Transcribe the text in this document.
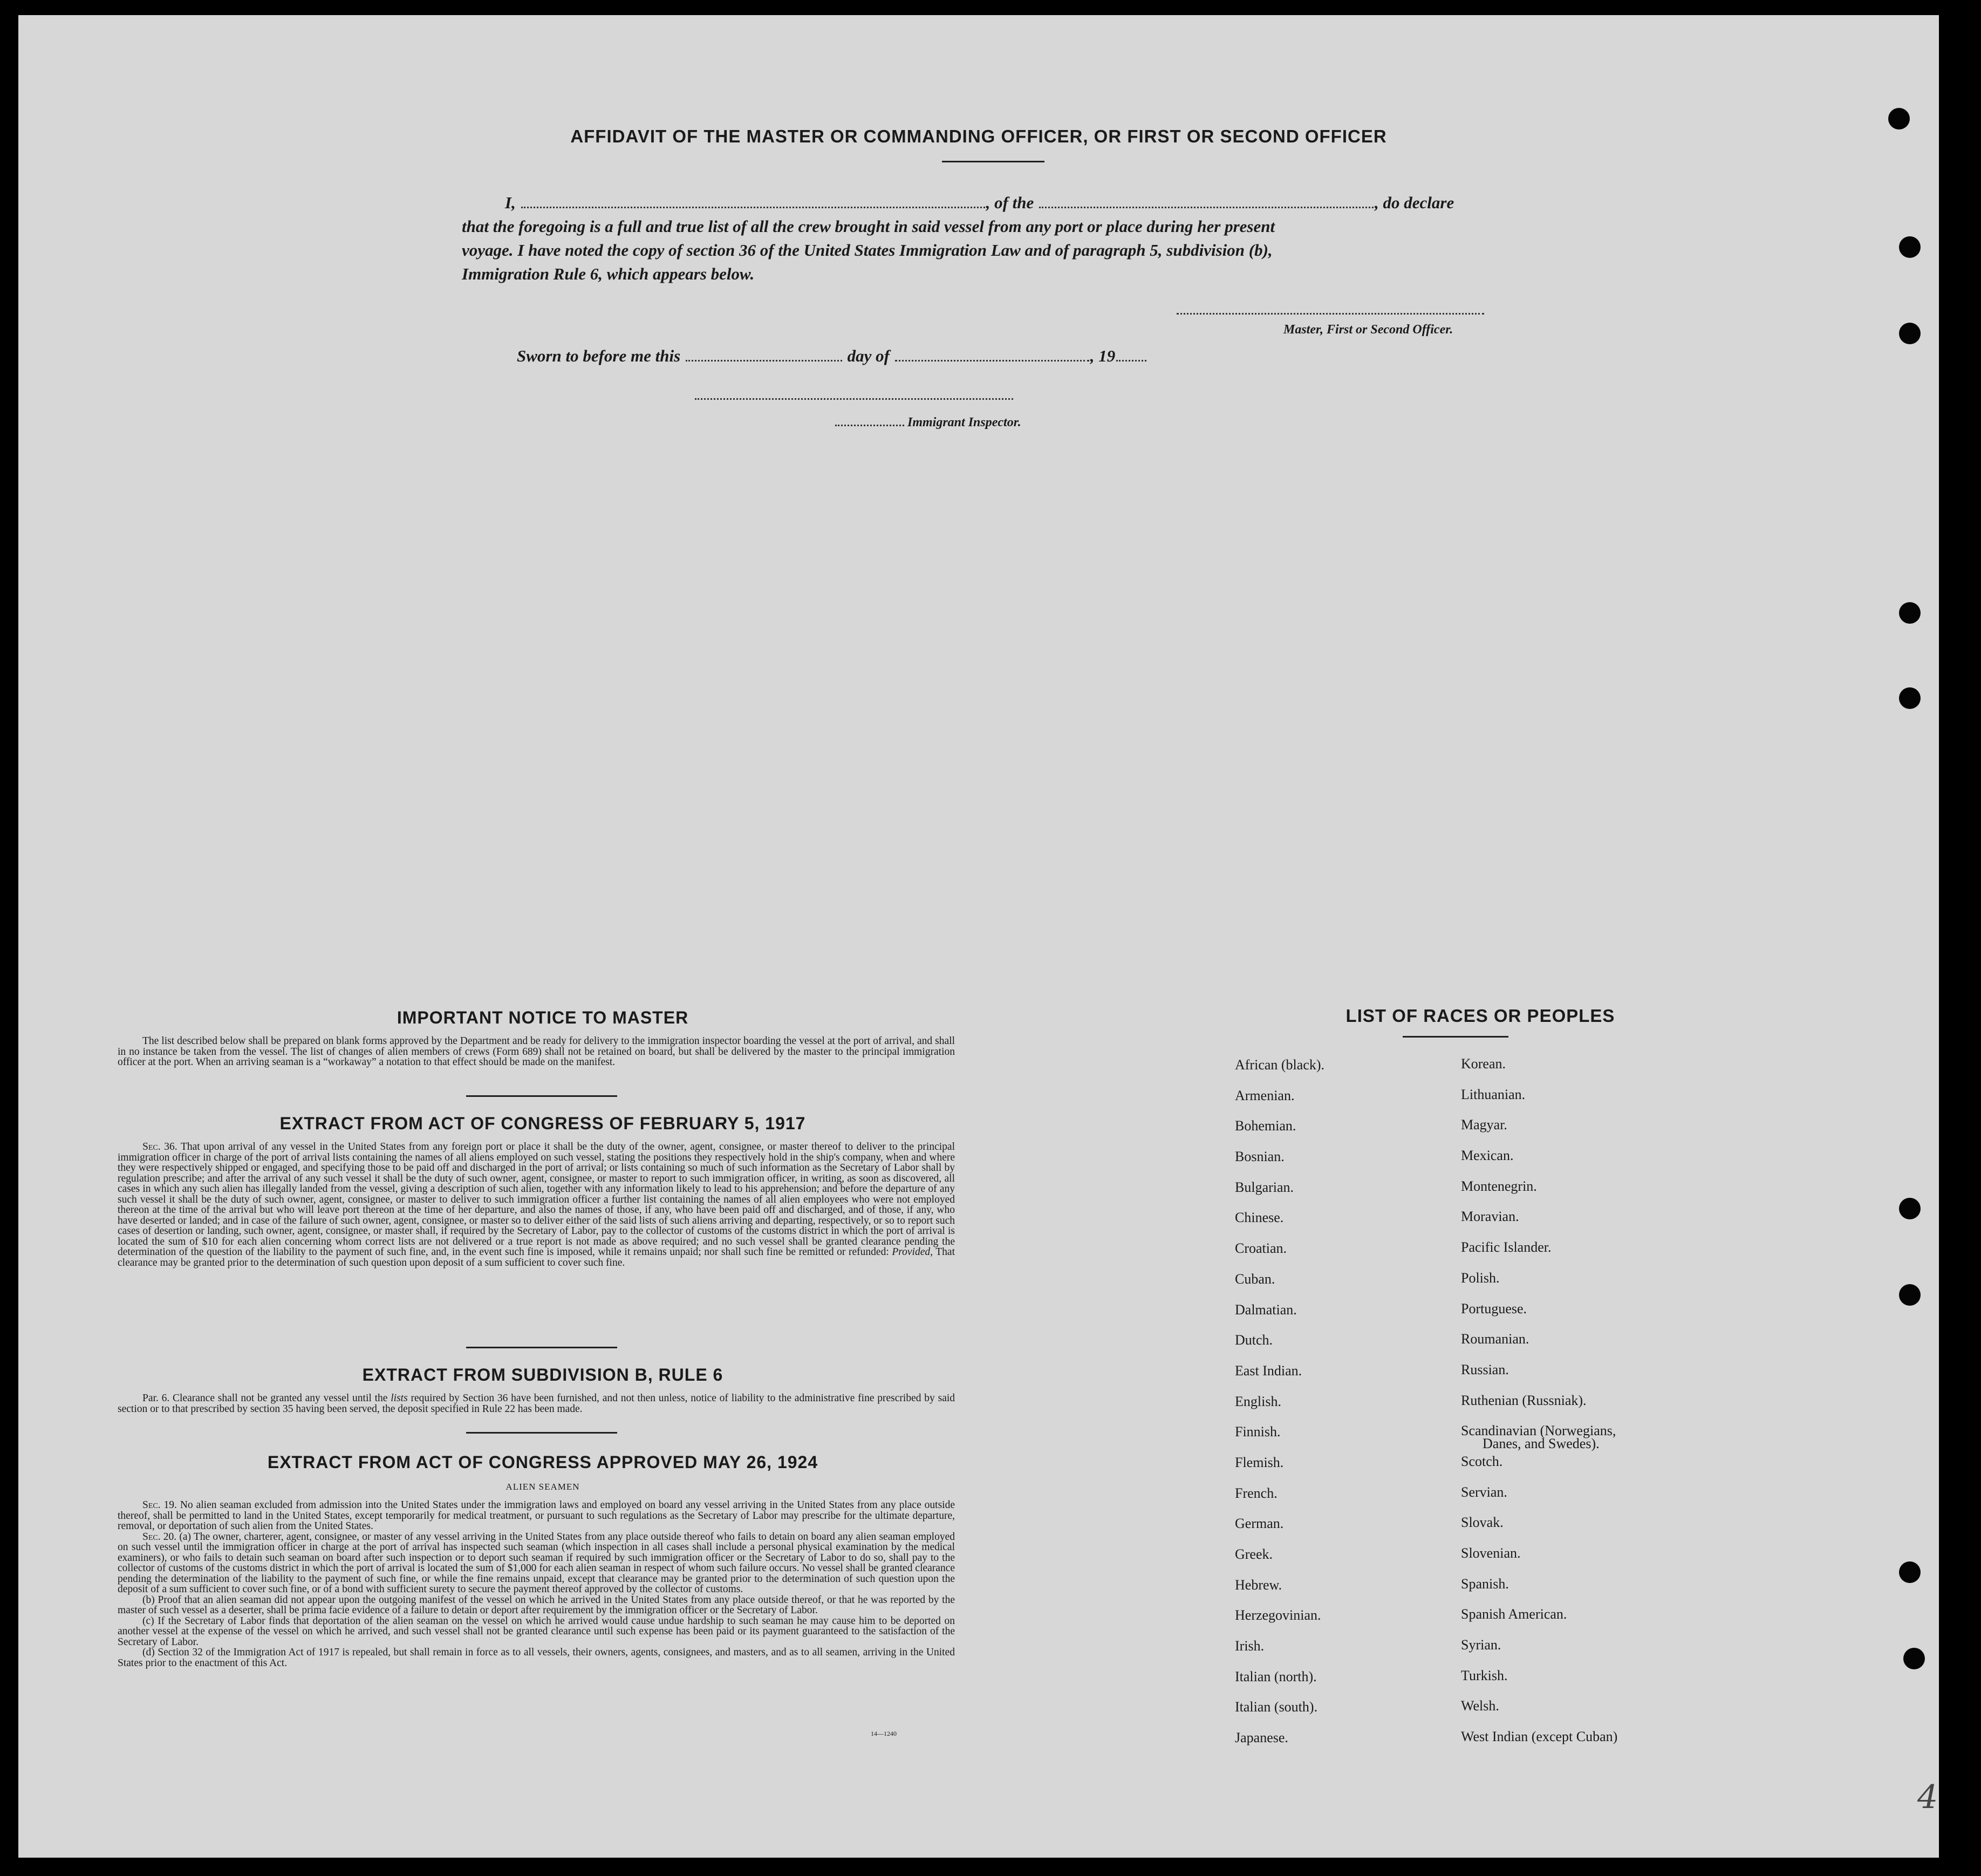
AFFIDAVIT OF THE MASTER OR COMMANDING OFFICER, OR FIRST OR SECOND OFFICER
I,	, of the	, do declare
that the foregoing is a full and true list of all the crew brought in said vessel from any port or place during her present
voyage. I have noted the copy of section 36 of the United States Immigration Law and of paragraph 5, subdivision (b),
Immigration Rule 6, which appears below.
Master, First or Second Officer.
Sworn to before me this	day of	, 19
Immigrant Inspector.
IMPORTANT NOTICE TO MASTER

The list described below shall be prepared on blank forms approved by the Department and be ready for delivery to the immigration inspector boarding the vessel at the port of arrival, and shall in no instance be taken from the vessel. The list of changes of alien members of crews (Form 689) shall not be retained on board, but shall be delivered by the master to the principal immigration officer at the port. When an arriving seaman is a “workaway” a notation to that effect should be made on the manifest.

EXTRACT FROM ACT OF CONGRESS OF FEBRUARY 5, 1917

Sec. 36. That upon arrival of any vessel in the United States from any foreign port or place it shall be the duty of the owner, agent, consignee, or master thereof to deliver to the principal immigration officer in charge of the port of arrival lists containing the names of all aliens employed on such vessel, stating the positions they respectively hold in the ship's company, when and where they were respectively shipped or engaged, and specifying those to be paid off and discharged in the port of arrival; or lists containing so much of such information as the Secretary of Labor shall by regulation prescribe; and after the arrival of any such vessel it shall be the duty of such owner, agent, consignee, or master to report to such immigration officer, in writing, as soon as discovered, all cases in which any such alien has illegally landed from the vessel, giving a description of such alien, together with any information likely to lead to his apprehension; and before the departure of any such vessel it shall be the duty of such owner, agent, consignee, or master to deliver to such immigration officer a further list containing the names of all alien employees who were not employed thereon at the time of the arrival but who will leave port thereon at the time of her departure, and also the names of those, if any, who have been paid off and discharged, and of those, if any, who have deserted or landed; and in case of the failure of such owner, agent, consignee, or master so to deliver either of the said lists of such aliens arriving and departing, respectively, or so to report such cases of desertion or landing, such owner, agent, consignee, or master shall, if required by the Secretary of Labor, pay to the collector of customs of the customs district in which the port of arrival is located the sum of $10 for each alien concerning whom correct lists are not delivered or a true report is not made as above required; and no such vessel shall be granted clearance pending the determination of the question of the liability to the payment of such fine, and, in the event such fine is imposed, while it remains unpaid; nor shall such fine be remitted or refunded: Provided, That clearance may be granted prior to the determination of such question upon deposit of a sum sufficient to cover such fine.

EXTRACT FROM SUBDIVISION B, RULE 6

Par. 6. Clearance shall not be granted any vessel until the lists required by Section 36 have been furnished, and not then unless, notice of liability to the administrative fine prescribed by said section or to that prescribed by section 35 having been served, the deposit specified in Rule 22 has been made.

EXTRACT FROM ACT OF CONGRESS APPROVED MAY 26, 1924
ALIEN SEAMEN

Sec. 19. No alien seaman excluded from admission into the United States under the immigration laws and employed on board any vessel arriving in the United States from any place outside thereof, shall be permitted to land in the United States, except temporarily for medical treatment, or pursuant to such regulations as the Secretary of Labor may prescribe for the ultimate departure, removal, or deportation of such alien from the United States.

Sec. 20. (a) The owner, charterer, agent, consignee, or master of any vessel arriving in the United States from any place outside thereof who fails to detain on board any alien seaman employed on such vessel until the immigration officer in charge at the port of arrival has inspected such seaman (which inspection in all cases shall include a personal physical examination by the medical examiners), or who fails to detain such seaman on board after such inspection or to deport such seaman if required by such immigration officer or the Secretary of Labor to do so, shall pay to the collector of customs of the customs district in which the port of arrival is located the sum of $1,000 for each alien seaman in respect of whom such failure occurs. No vessel shall be granted clearance pending the determination of the liability to the payment of such fine, or while the fine remains unpaid, except that clearance may be granted prior to the determination of such question upon the deposit of a sum sufficient to cover such fine, or of a bond with sufficient surety to secure the payment thereof approved by the collector of customs.

(b) Proof that an alien seaman did not appear upon the outgoing manifest of the vessel on which he arrived in the United States from any place outside thereof, or that he was reported by the master of such vessel as a deserter, shall be prima facie evidence of a failure to detain or deport after requirement by the immigration officer or the Secretary of Labor.

(c) If the Secretary of Labor finds that deportation of the alien seaman on the vessel on which he arrived would cause undue hardship to such seaman he may cause him to be deported on another vessel at the expense of the vessel on which he arrived, and such vessel shall not be granted clearance until such expense has been paid or its payment guaranteed to the satisfaction of the Secretary of Labor.

(d) Section 32 of the Immigration Act of 1917 is repealed, but shall remain in force as to all vessels, their owners, agents, consignees, and masters, and as to all seamen, arriving in the United States prior to the enactment of this Act.

14—1240
LIST OF RACES OR PEOPLES
African (black).
Armenian.
Bohemian.
Bosnian.
Bulgarian.
Chinese.
Croatian.
Cuban.
Dalmatian.
Dutch.
East Indian.
English.
Finnish.
Flemish.
French.
German.
Greek.
Hebrew.
Herzegovinian.
Irish.
Italian (north).
Italian (south).
Japanese.
Korean.
Lithuanian.
Magyar.
Mexican.
Montenegrin.
Moravian.
Pacific Islander.
Polish.
Portuguese.
Roumanian.
Russian.
Ruthenian (Russniak).
Scandinavian (Norwegians,
Danes, and Swedes).
Scotch.
Servian.
Slovak.
Slovenian.
Spanish.
Spanish American.
Syrian.
Turkish.
Welsh.
West Indian (except Cuban)
4
